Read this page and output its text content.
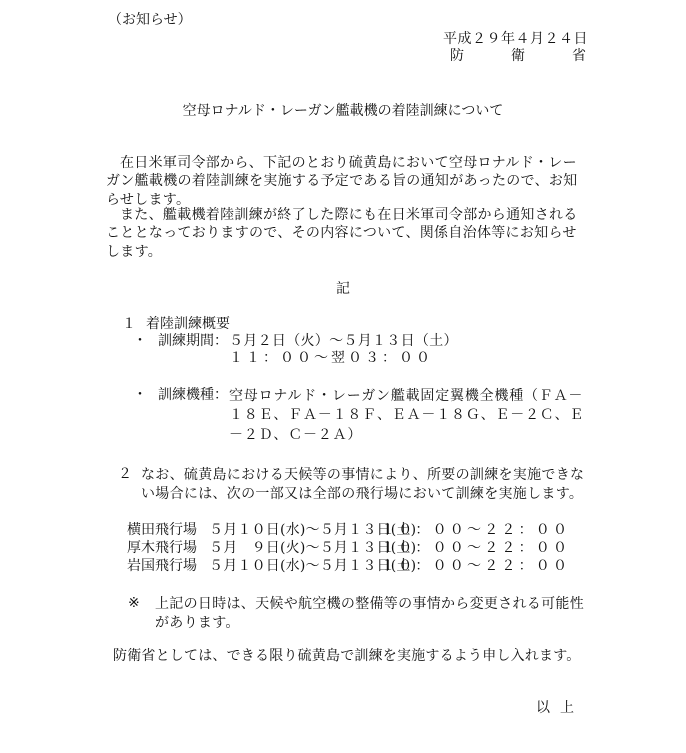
（お知らせ）
平成２９年４月２４日
防	衛	省
空母ロナルド・レーガン艦載機の着陸訓練について
在日米軍司令部から、下記のとおり硫黄島において空母ロナルド・レーガン艦載機の着陸訓練を実施する予定である旨の通知があったので、お知らせします。
また、艦載機着陸訓練が終了した際にも在日米軍司令部から通知されることとなっておりますので、その内容について、関係自治体等にお知らせします。
記
１ 着陸訓練概要
・ 訓練期間： ５月２日（火）～５月１３日（土）
１１：００～翌０３：００
・ 訓練機種： 空母ロナルド・レーガン艦載固定翼機全機種（ＦＡ－１８Ｅ、ＦＡ－１８Ｆ、ＥＡ－１８Ｇ、Ｅ－２Ｃ、Ｅ－２Ｄ、Ｃ－２Ａ）
２ なお、硫黄島における天候等の事情により、所要の訓練を実施できな
い場合には、次の一部又は全部の飛行場において訓練を実施します。
横田飛行場 ５月１０日(水)～５月１３日(土)
１０：００～２２：００
厚木飛行場 ５月　９日(火)～５月１３日(土)
１０：００～２２：００
岩国飛行場 ５月１０日(水)～５月１３日(土)
１０：００～２２：００
※ 上記の日時は、天候や航空機の整備等の事情から変更される可能性があります。
防衛省としては、できる限り硫黄島で訓練を実施するよう申し入れます。
以上
